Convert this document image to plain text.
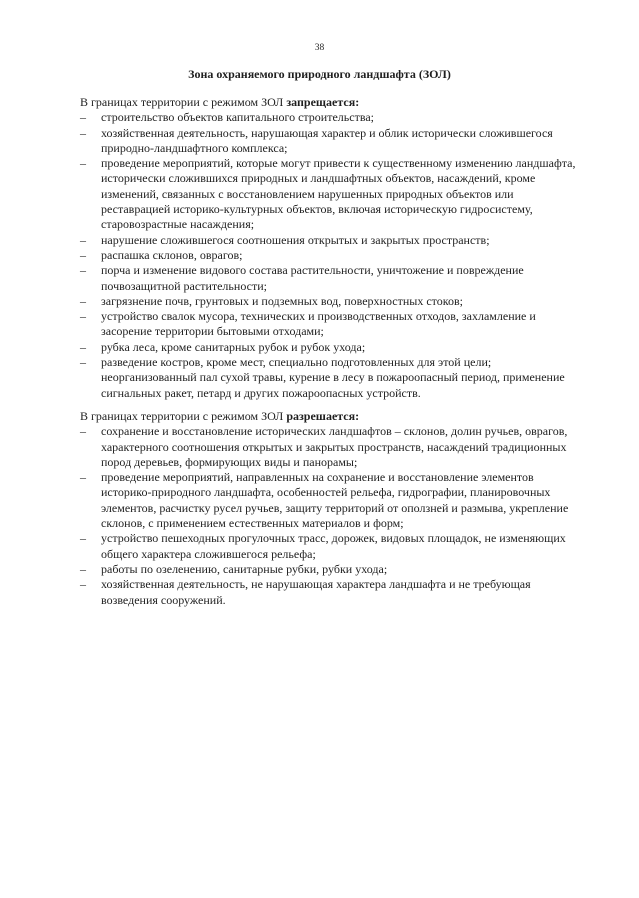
38
Зона охраняемого природного ландшафта (ЗОЛ)

В границах территории с режимом ЗОЛ запрещается:

– строительство объектов капитального строительства;
– хозяйственная деятельность, нарушающая характер и облик исторически сложившегося природно-ландшафтного комплекса;
– проведение мероприятий, которые могут привести к существенному изменению ландшафта, исторически сложившихся природных и ландшафтных объектов, насаждений, кроме изменений, связанных с восстановлением нарушенных природных объектов или реставрацией историко-культурных объектов, включая историческую гидросистему, старовозрастные насаждения;
– нарушение сложившегося соотношения открытых и закрытых пространств;
– распашка склонов, оврагов;
– порча и изменение видового состава растительности, уничтожение и повреждение почвозащитной растительности;
– загрязнение почв, грунтовых и подземных вод, поверхностных стоков;
– устройство свалок мусора, технических и производственных отходов, захламление и засорение территории бытовыми отходами;
– рубка леса, кроме санитарных рубок и рубок ухода;
– разведение костров, кроме мест, специально подготовленных для этой цели; неорганизованный пал сухой травы, курение в лесу в пожароопасный период, применение сигнальных ракет, петард и других пожароопасных устройств.

В границах территории с режимом ЗОЛ разрешается:

– сохранение и восстановление исторических ландшафтов – склонов, долин ручьев, оврагов, характерного соотношения открытых и закрытых пространств, насаждений традиционных пород деревьев, формирующих виды и панорамы;
– проведение мероприятий, направленных на сохранение и восстановление элементов историко-природного ландшафта, особенностей рельефа, гидрографии, планировочных элементов, расчистку русел ручьев, защиту территорий от оползней и размыва, укрепление склонов, с применением естественных материалов и форм;
– устройство пешеходных прогулочных трасс, дорожек, видовых площадок, не изменяющих общего характера сложившегося рельефа;
– работы по озеленению, санитарные рубки, рубки ухода;
– хозяйственная деятельность, не нарушающая характера ландшафта и не требующая возведения сооружений.
